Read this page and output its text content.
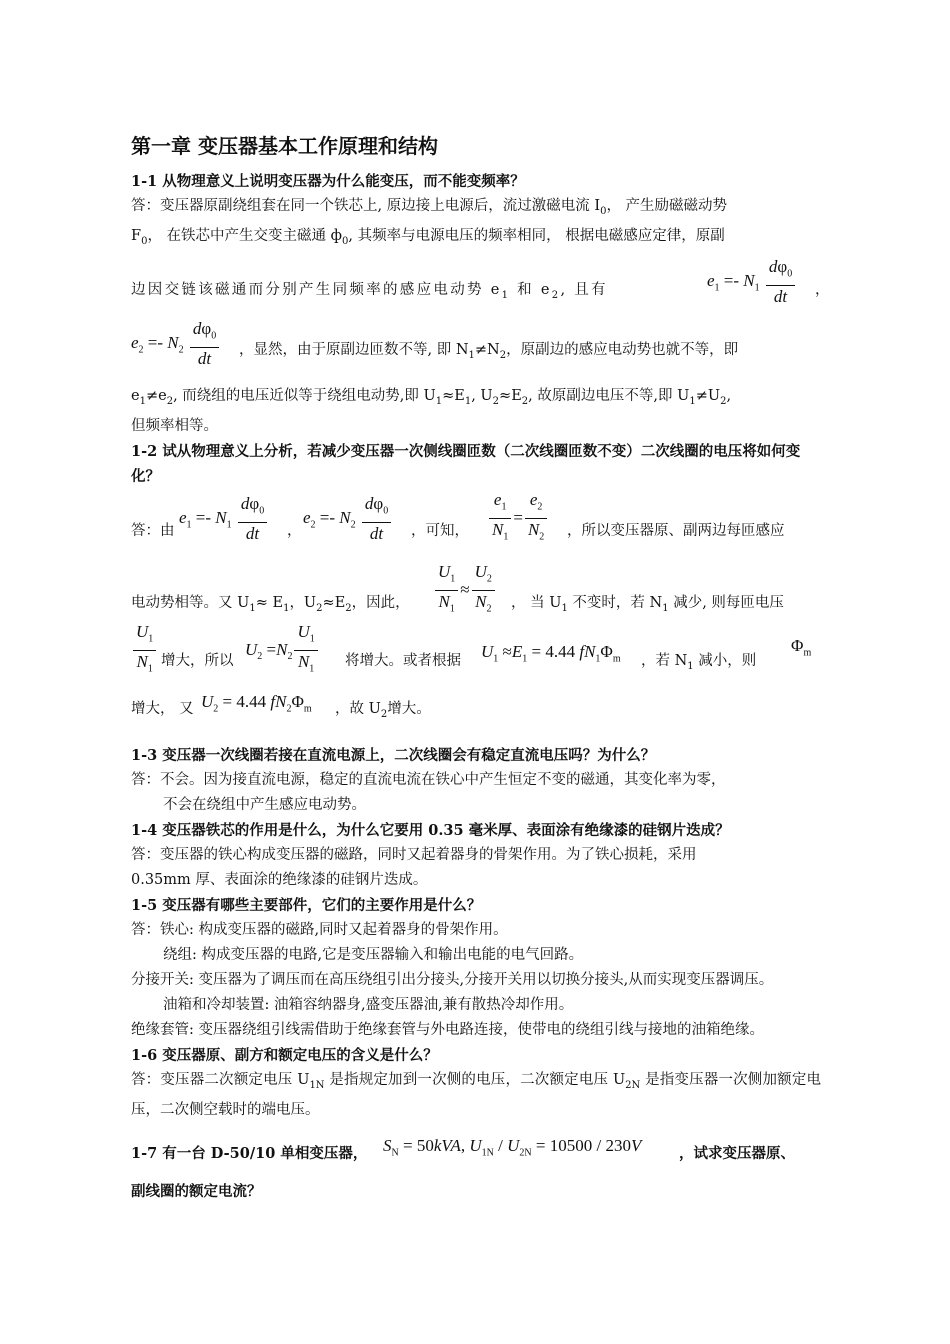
第一章 变压器基本工作原理和结构

1-1 从物理意义上说明变压器为什么能变压，而不能变频率？

答：变压器原副绕组套在同一个铁芯上, 原边接上电源后，流过激磁电流 $I_0$， 产生励磁磁动势

$F_0$， 在铁芯中产生交变主磁通 $ф_0$, 其频率与电源电压的频率相同， 根据电磁感应定律，原副

边因交链该磁通而分别产生同频率的感应电动势 $e_1$ 和 $e_2$, 且有	$e_1 =- N_1 \frac{d\varphi_0}{dt}$ ，
$e_2 =- N_2 \frac{d\varphi_0}{dt}$ ，显然，由于原副边匝数不等, 即 $N_1\ne N_2$，原副边的感应电动势也就不等，即

$e_1\ne e_2$, 而绕组的电压近似等于绕组电动势,即 $U_1\approx E_1$, $U_2\approx E_2$, 故原副边电压不等,即 $U_1\ne U_2$,

但频率相等。

1-2 试从物理意义上分析，若减少变压器一次侧线圈匝数（二次线圈匝数不变）二次线圈的电压将如何变化？

答：由
$e_1 =- N_1 \frac{d\varphi_0}{dt}$ ，
$e_2 =- N_2 \frac{d\varphi_0}{dt}$ ，可知， $\frac{e_1}{N_1} = \frac{e_2}{N_2}$ ，所以变压器原、副两边每匝感应
电动势相等。又 $U_1\approx E_1$，$U_2\approx E_2$，因此， $\frac{U_1}{N_1} \approx \frac{U_2}{N_2}$ ， 当 $U_1$ 不变时，若 $N_1$ 减少, 则每匝电压
$\frac{U_1}{N_1}$ 增大，所以
$U_2 =N_2 \frac{U_1}{N_1}$ 将增大。或者根据 $U_1 \approx E_1 = 4.44$ $fN_1\Phi_m$ ，若 $N_1$ 减小，则
$\Phi_m$
增大， 又 $U_2 = 4.44$ $fN_2\Phi_m$ ，故 $U_2$增大。

1-3 变压器一次线圈若接在直流电源上，二次线圈会有稳定直流电压吗？为什么？

答：不会。因为接直流电源，稳定的直流电流在铁心中产生恒定不变的磁通，其变化率为零，

不会在绕组中产生感应电动势。

1-4 变压器铁芯的作用是什么，为什么它要用 0.35 毫米厚、表面涂有绝缘漆的硅钢片迭成？

答：变压器的铁心构成变压器的磁路，同时又起着器身的骨架作用。为了铁心损耗，采用

0.35mm 厚、表面涂的绝缘漆的硅钢片迭成。

1-5 变压器有哪些主要部件，它们的主要作用是什么？

答：铁心: 构成变压器的磁路,同时又起着器身的骨架作用。

绕组: 构成变压器的电路,它是变压器输入和输出电能的电气回路。

分接开关: 变压器为了调压而在高压绕组引出分接头,分接开关用以切换分接头,从而实现变压器调压。

油箱和冷却装置: 油箱容纳器身,盛变压器油,兼有散热冷却作用。

绝缘套管: 变压器绕组引线需借助于绝缘套管与外电路连接，使带电的绕组引线与接地的油箱绝缘。

1-6 变压器原、副方和额定电压的含义是什么？

答：变压器二次额定电压 $U_{1N}$ 是指规定加到一次侧的电压，二次额定电压 $U_{2N}$ 是指变压器一次侧加额定电压，二次侧空载时的端电压。

1-7 有一台 D-50/10 单相变压器， $S_N = 50kVA$, $U_{1N} / U_{2N} = 10500 / 230V$	，试求变压器原、

副线圈的额定电流？
